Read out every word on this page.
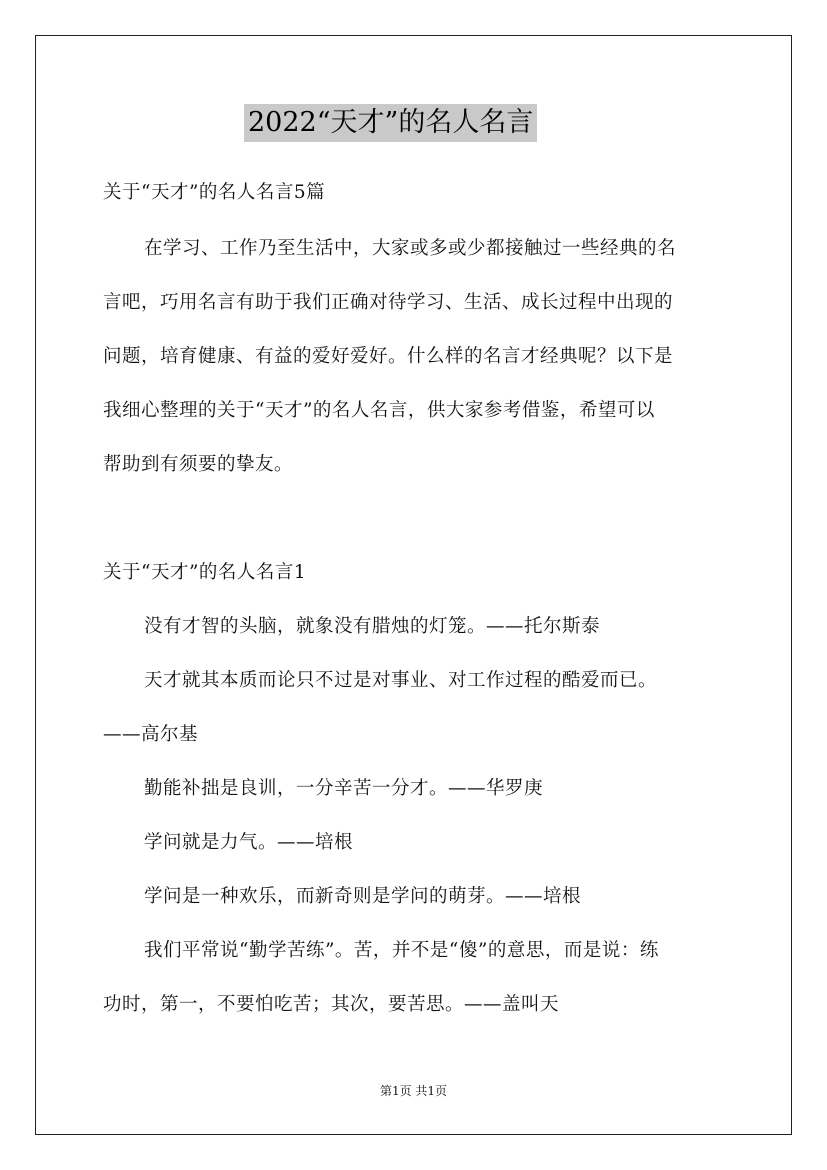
2022“天才”的名人名言
关于“天才”的名人名言5篇
在学习、工作乃至生活中，大家或多或少都接触过一些经典的名
言吧，巧用名言有助于我们正确对待学习、生活、成长过程中出现的
问题，培育健康、有益的爱好爱好。什么样的名言才经典呢？以下是
我细心整理的关于“天才”的名人名言，供大家参考借鉴，希望可以
帮助到有须要的挚友。
关于“天才”的名人名言1
没有才智的头脑，就象没有腊烛的灯笼。——托尔斯泰
天才就其本质而论只不过是对事业、对工作过程的酷爱而已。
——高尔基
勤能补拙是良训，一分辛苦一分才。——华罗庚
学问就是力气。——培根
学问是一种欢乐，而新奇则是学问的萌芽。——培根
我们平常说“勤学苦练”。苦，并不是“傻”的意思，而是说：练
功时，第一，不要怕吃苦；其次，要苦思。——盖叫天
第1页 共1页
